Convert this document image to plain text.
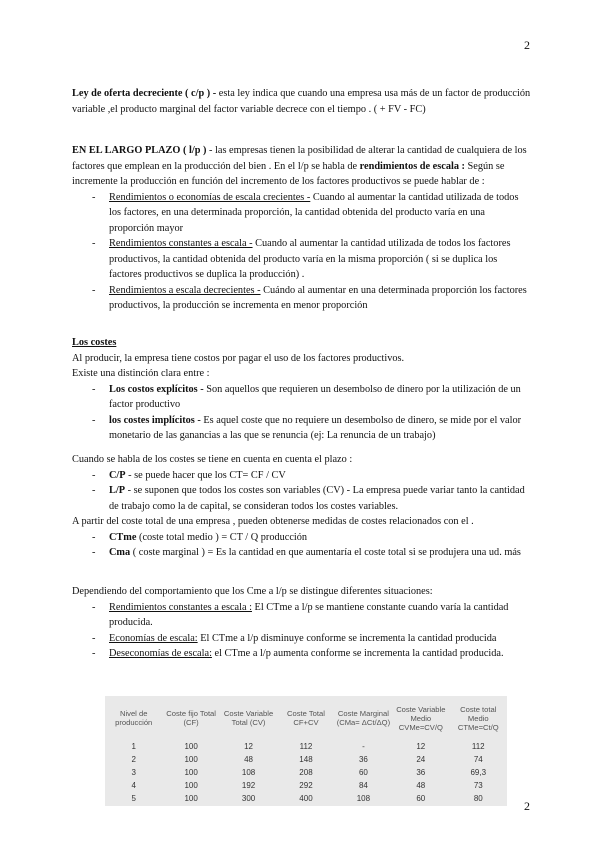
2
Ley de oferta decreciente ( c/p ) - esta ley indica que cuando una empresa usa más de un factor de producción variable ,el producto marginal del factor variable decrece con el tiempo . ( + FV - FC)
EN EL LARGO PLAZO ( l/p ) - las empresas tienen la posibilidad de alterar la cantidad de cualquiera de los factores que emplean en la producción del bien . En el l/p se habla de rendimientos de escala : Según se incremente la producción en función del incremento de los factores productivos se puede hablar de :
- Rendimientos o economías de escala crecientes - Cuando al aumentar la cantidad utilizada de todos los factores, en una determinada proporción, la cantidad obtenida del producto varía en una proporción mayor
- Rendimientos constantes a escala - Cuando al aumentar la cantidad utilizada de todos los factores productivos, la cantidad obtenida del producto varía en la misma proporción ( si se duplica los factores productivos se duplica la producción) .
- Rendimientos a escala decrecientes - Cuándo al aumentar en una determinada proporción los factores productivos, la producción se incrementa en menor proporción
Los costes
Al producir, la empresa tiene costos por pagar el uso de los factores productivos.
Existe una distinción clara entre :
- Los costos explícitos - Son aquellos que requieren un desembolso de dinero por la utilización de un factor productivo
- los costes implícitos - Es aquel coste que no requiere un desembolso de dinero, se mide por el valor monetario de las ganancias a las que se renuncia (ej: La renuncia de un trabajo)
Cuando se habla de los costes se tiene en cuenta en cuenta el plazo :
- C/P - se puede hacer que los CT= CF / CV
- L/P - se suponen que todos los costes son variables (CV) - La empresa puede variar tanto la cantidad de trabajo como la de capital, se consideran todos los costes variables.
A partir del coste total de una empresa , pueden obtenerse medidas de costes relacionados con el .
- CTme (coste total medio ) = CT / Q producción
- Cma ( coste marginal ) = Es la cantidad en que aumentaría el coste total si se produjera una ud. más
Dependiendo del comportamiento que los Cme a l/p se distingue diferentes situaciones:
- Rendimientos constantes a escala : El CTme a l/p se mantiene constante cuando varía la cantidad producida.
- Economías de escala: El CTme a l/p disminuye conforme se incrementa la cantidad producida
- Deseconomías de escala: el CTme a l/p aumenta conforme se incrementa la cantidad producida.
Nivel de producción	Coste fijo Total (CF)	Coste Variable Total (CV)	Coste Total CF+CV	Coste Marginal (CMa= ΔCt/ΔQ)	Coste Variable Medio CVMe=CV/Q	Coste total Medio CTMe=Ct/Q
1	100	12	112	-	12	112
2	100	48	148	36	24	74
3	100	108	208	60	36	69,3
4	100	192	292	84	48	73
5	100	300	400	108	60	80
2
